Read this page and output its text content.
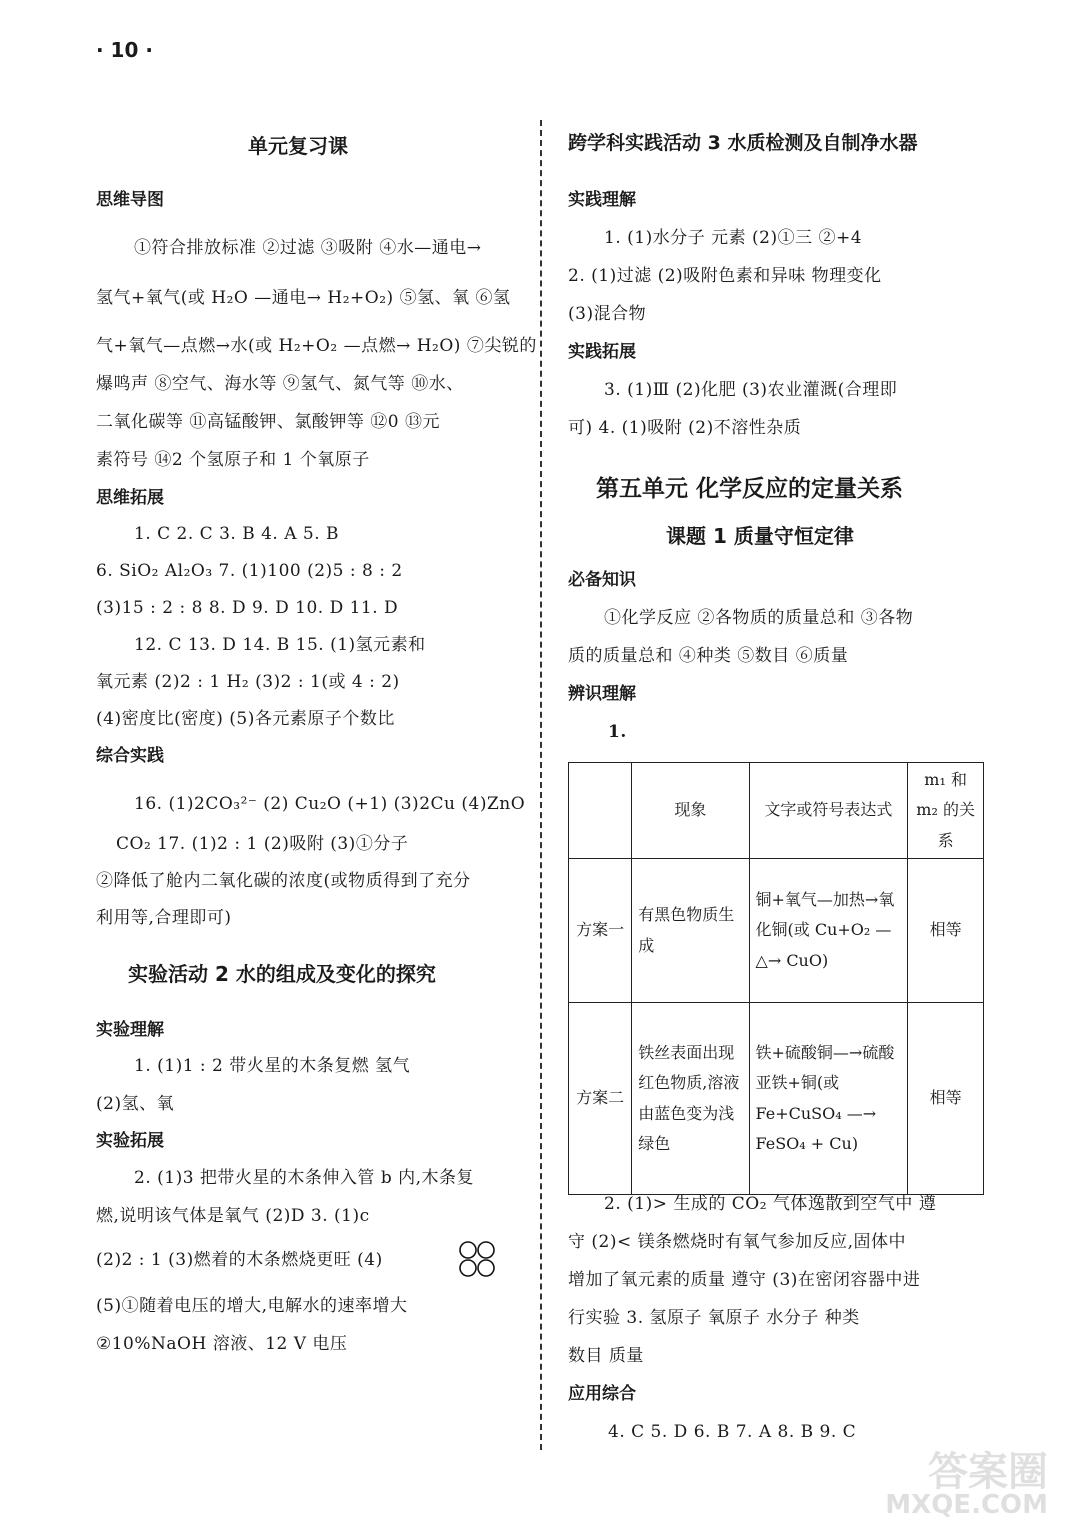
· 10 ·
单元复习课
思维导图
①符合排放标准 ②过滤 ③吸附 ④水—通电→
氢气+氧气(或 H₂O —通电→ H₂+O₂) ⑤氢、氧 ⑥氢
气+氧气—点燃→水(或 H₂+O₂ —点燃→ H₂O) ⑦尖锐的
爆鸣声 ⑧空气、海水等 ⑨氢气、氮气等 ⑩水、
二氧化碳等 ⑪高锰酸钾、氯酸钾等 ⑫0 ⑬元
素符号 ⑭2 个氢原子和 1 个氧原子
思维拓展
1. C 2. C 3. B 4. A 5. B
6. SiO₂ Al₂O₃ 7. (1)100 (2)5 : 8 : 2
(3)15 : 2 : 8 8. D 9. D 10. D 11. D
12. C 13. D 14. B 15. (1)氢元素和
氧元素 (2)2 : 1 H₂ (3)2 : 1(或 4 : 2)
(4)密度比(密度) (5)各元素原子个数比
综合实践
16. (1)2CO₃²⁻ (2) Cu₂O (+1) (3)2Cu (4)ZnO
CO₂ 17. (1)2 : 1 (2)吸附 (3)①分子
②降低了舱内二氧化碳的浓度(或物质得到了充分
利用等,合理即可)
实验活动 2 水的组成及变化的探究
实验理解
1. (1)1 : 2 带火星的木条复燃 氢气
(2)氢、氧
实验拓展
2. (1)3 把带火星的木条伸入管 b 内,木条复
燃,说明该气体是氧气 (2)D 3. (1)c
(2)2 : 1 (3)燃着的木条燃烧更旺 (4)
(5)①随着电压的增大,电解水的速率增大
②10%NaOH 溶液、12 V 电压
跨学科实践活动 3 水质检测及自制净水器
实践理解
1. (1)水分子 元素 (2)①三 ②+4
2. (1)过滤 (2)吸附色素和异味 物理变化
(3)混合物
实践拓展
3. (1)Ⅲ (2)化肥 (3)农业灌溉(合理即
可) 4. (1)吸附 (2)不溶性杂质
第五单元 化学反应的定量关系
课题 1 质量守恒定律
必备知识
①化学反应 ②各物质的质量总和 ③各物
质的质量总和 ④种类 ⑤数目 ⑥质量
辨识理解
1.
	现象	文字或符号表达式	m₁ 和 m₂ 的关系
方案一	有黑色物质生成	铜+氧气—加热→氧化铜(或 Cu+O₂ —△→ CuO)	相等
方案二	铁丝表面出现红色物质,溶液由蓝色变为浅绿色	铁+硫酸铜—→硫酸亚铁+铜(或 Fe+CuSO₄ —→ FeSO₄ + Cu)	相等
2. (1)> 生成的 CO₂ 气体逸散到空气中 遵
守 (2)< 镁条燃烧时有氧气参加反应,固体中
增加了氧元素的质量 遵守 (3)在密闭容器中进
行实验 3. 氢原子 氧原子 水分子 种类
数目 质量
应用综合
4. C 5. D 6. B 7. A 8. B 9. C
答案圈
MXQE.COM
